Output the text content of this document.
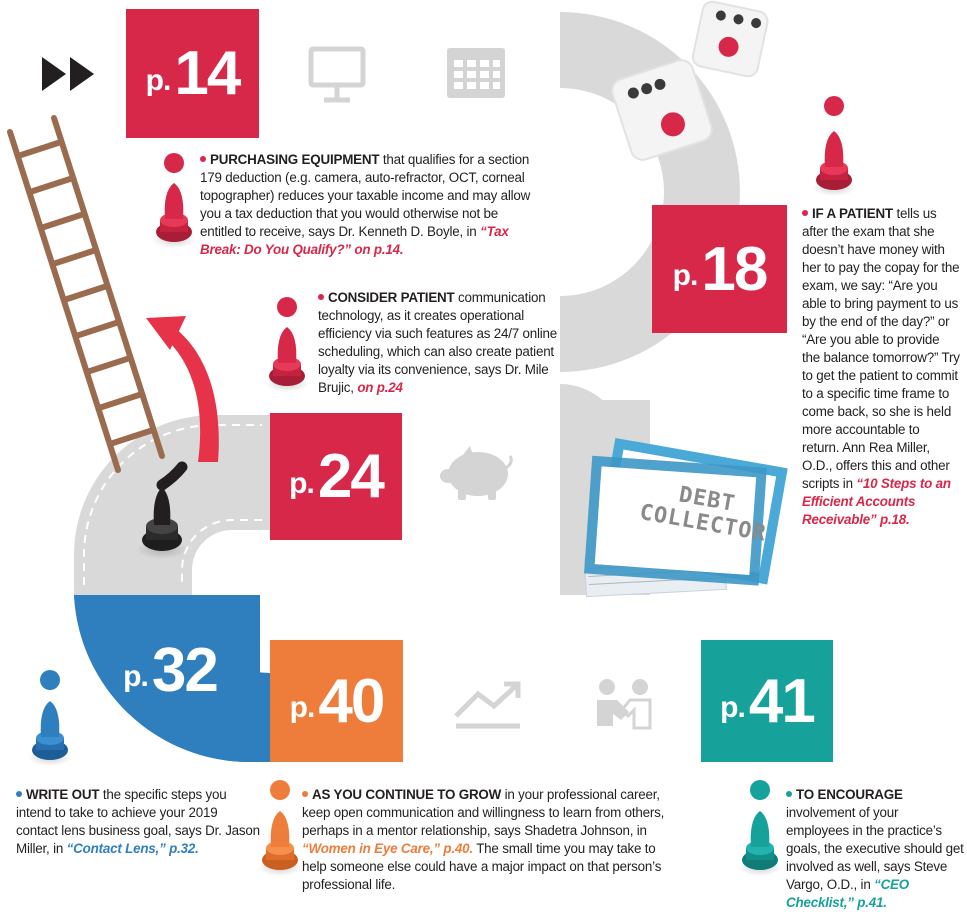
p. 14
p. 18
p. 24
p. 32
p. 40	p. 41
DEBT COLLECTOR
PURCHASING EQUIPMENT that qualifies for a section 179 deduction (e.g. camera, auto-refractor, OCT, corneal topographer) reduces your taxable income and may allow you a tax deduction that you would otherwise not be entitled to receive, says Dr. Kenneth D. Boyle, in “Tax Break: Do You Qualify?” on p.14.
CONSIDER PATIENT communication technology, as it creates operational efficiency via such features as 24/7 online scheduling, which can also create patient loyalty via its convenience, says Dr. Mile Brujic, on p.24
IF A PATIENT tells us after the exam that she doesn’t have money with her to pay the copay for the exam, we say: “Are you able to bring payment to us by the end of the day?” or “Are you able to provide the balance tomorrow?” Try to get the patient to commit to a specific time frame to come back, so she is held more accountable to return. Ann Rea Miller, O.D., offers this and other scripts in “10 Steps to an Efficient Accounts Receivable” p.18.
WRITE OUT the specific steps you intend to take to achieve your 2019 contact lens business goal, says Dr. Jason Miller, in “Contact Lens,” p.32.
AS YOU CONTINUE TO GROW in your professional career, keep open communication and willingness to learn from others, perhaps in a mentor relationship, says Shadetra Johnson, in “Women in Eye Care,” p.40. The small time you may take to help someone else could have a major impact on that person’s professional life.
TO ENCOURAGE involvement of your employees in the practice’s goals, the executive should get involved as well, says Steve Vargo, O.D., in “CEO Checklist,” p.41.
